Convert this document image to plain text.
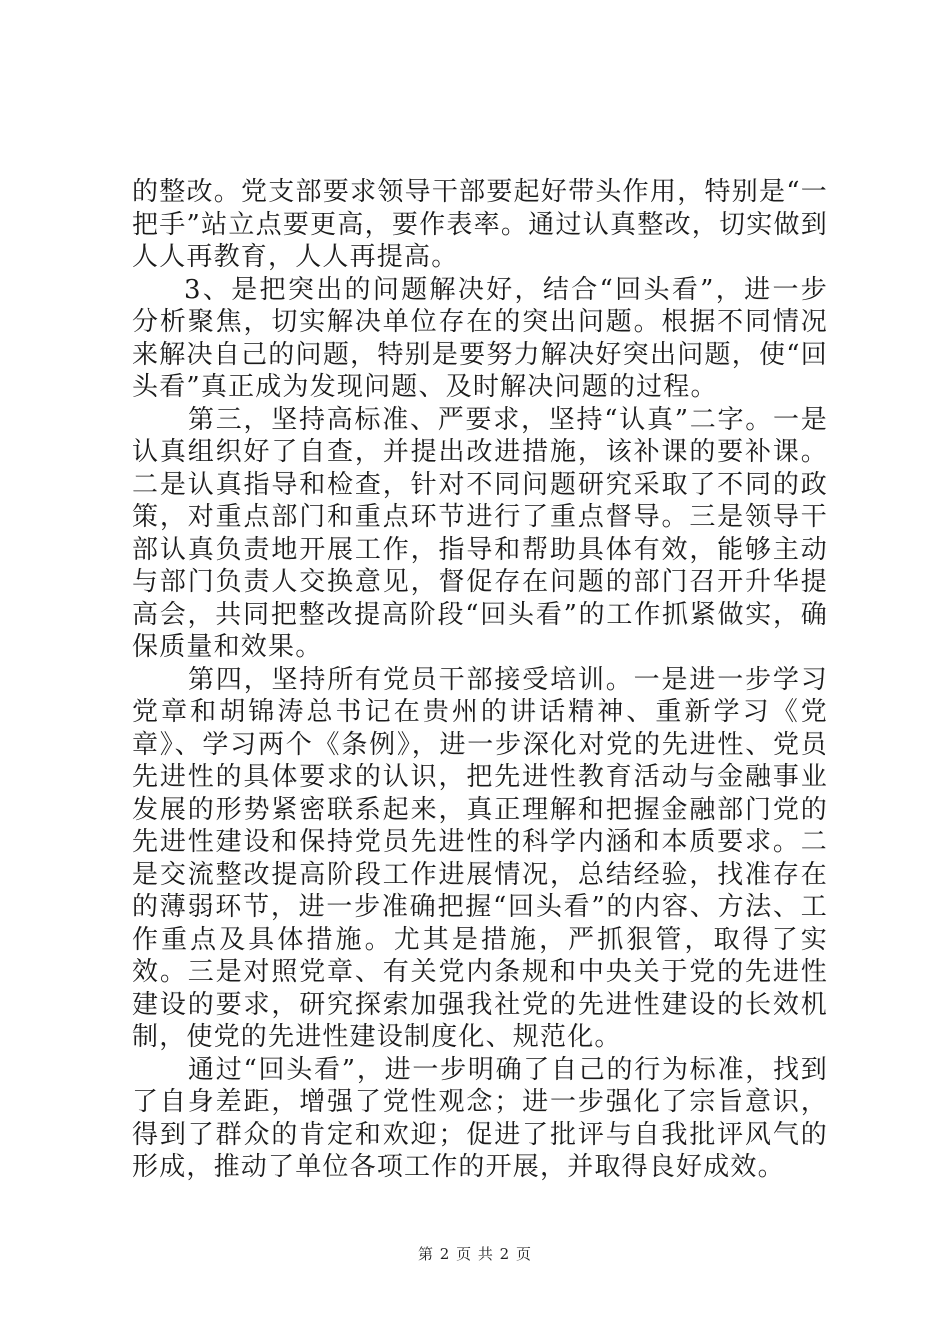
的整改。党支部要求领导干部要起好带头作用，特别是“一把手”站立点要更高，要作表率。通过认真整改，切实做到人人再教育，人人再提高。

3、是把突出的问题解决好，结合“回头看”，进一步分析聚焦，切实解决单位存在的突出问题。根据不同情况来解决自己的问题，特别是要努力解决好突出问题，使“回头看”真正成为发现问题、及时解决问题的过程。

第三，坚持高标准、严要求，坚持“认真”二字。一是认真组织好了自查，并提出改进措施，该补课的要补课。二是认真指导和检查，针对不同问题研究采取了不同的政策，对重点部门和重点环节进行了重点督导。三是领导干部认真负责地开展工作，指导和帮助具体有效，能够主动与部门负责人交换意见，督促存在问题的部门召开升华提高会，共同把整改提高阶段“回头看”的工作抓紧做实，确保质量和效果。

第四，坚持所有党员干部接受培训。一是进一步学习党章和胡锦涛总书记在贵州的讲话精神、重新学习《党章》、学习两个《条例》，进一步深化对党的先进性、党员先进性的具体要求的认识，把先进性教育活动与金融事业发展的形势紧密联系起来，真正理解和把握金融部门党的先进性建设和保持党员先进性的科学内涵和本质要求。二是交流整改提高阶段工作进展情况，总结经验，找准存在的薄弱环节，进一步准确把握“回头看”的内容、方法、工作重点及具体措施。尤其是措施，严抓狠管，取得了实效。三是对照党章、有关党内条规和中央关于党的先进性建设的要求，研究探索加强我社党的先进性建设的长效机制，使党的先进性建设制度化、规范化。

通过“回头看”，进一步明确了自己的行为标准，找到了自身差距，增强了党性观念；进一步强化了宗旨意识，得到了群众的肯定和欢迎；促进了批评与自我批评风气的形成，推动了单位各项工作的开展，并取得良好成效。

第 2 页 共 2 页
